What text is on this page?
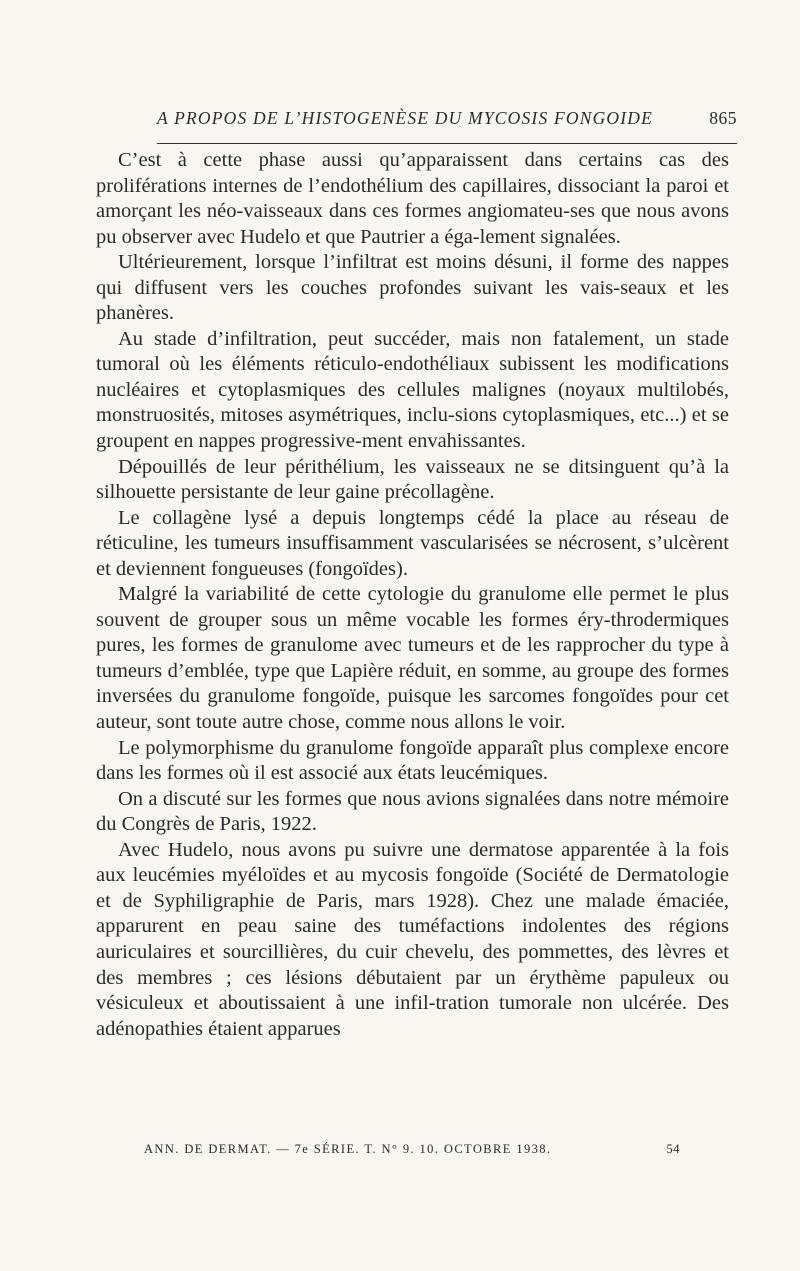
A PROPOS DE L’HISTOGENÈSE DU MYCOSIS FONGOIDE	865

C’est à cette phase aussi qu’apparaissent dans certains cas des proliférations internes de l’endothélium des capillaires, dissociant la paroi et amorçant les néo-vaisseaux dans ces formes angiomateu-ses que nous avons pu observer avec Hudelo et que Pautrier a éga-lement signalées.

Ultérieurement, lorsque l’infiltrat est moins désuni, il forme des nappes qui diffusent vers les couches profondes suivant les vais-seaux et les phanères.

Au stade d’infiltration, peut succéder, mais non fatalement, un stade tumoral où les éléments réticulo-endothéliaux subissent les modifications nucléaires et cytoplasmiques des cellules malignes (noyaux multilobés, monstruosités, mitoses asymétriques, inclu-sions cytoplasmiques, etc...) et se groupent en nappes progressive-ment envahissantes.

Dépouillés de leur périthélium, les vaisseaux ne se ditsinguent qu’à la silhouette persistante de leur gaine précollagène.

Le collagène lysé a depuis longtemps cédé la place au réseau de réticuline, les tumeurs insuffisamment vascularisées se nécrosent, s’ulcèrent et deviennent fongueuses (fongoïdes).

Malgré la variabilité de cette cytologie du granulome elle permet le plus souvent de grouper sous un même vocable les formes éry-throdermiques pures, les formes de granulome avec tumeurs et de les rapprocher du type à tumeurs d’emblée, type que Lapière réduit, en somme, au groupe des formes inversées du granulome fongoïde, puisque les sarcomes fongoïdes pour cet auteur, sont toute autre chose, comme nous allons le voir.

Le polymorphisme du granulome fongoïde apparaît plus complexe encore dans les formes où il est associé aux états leucémiques.

On a discuté sur les formes que nous avions signalées dans notre mémoire du Congrès de Paris, 1922.

Avec Hudelo, nous avons pu suivre une dermatose apparentée à la fois aux leucémies myéloïdes et au mycosis fongoïde (Société de Dermatologie et de Syphiligraphie de Paris, mars 1928). Chez une malade émaciée, apparurent en peau saine des tuméfactions indolentes des régions auriculaires et sourcillières, du cuir chevelu, des pommettes, des lèvres et des membres ; ces lésions débutaient par un érythème papuleux ou vésiculeux et aboutissaient à une infil-tration tumorale non ulcérée. Des adénopathies étaient apparues

ANN. DE DERMAT. — 7e SÉRIE. T. N° 9. 10. OCTOBRE 1938.	54
